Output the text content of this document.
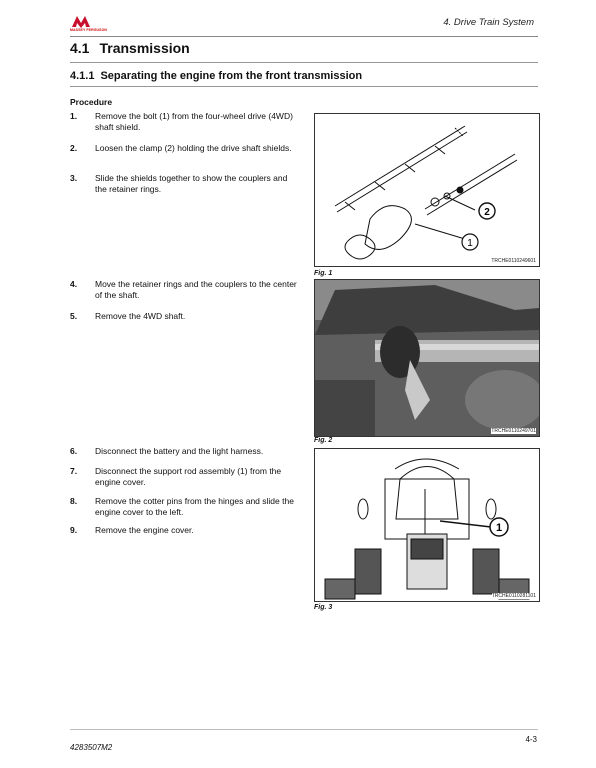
MASSEY FERGUSON
4. Drive Train System
4.1 Transmission
4.1.1 Separating the engine from the front transmission
Procedure
1. Remove the bolt (1) from the four-wheel drive (4WD) shaft shield.
2. Loosen the clamp (2) holding the drive shaft shields.
3. Slide the shields together to show the couplers and the retainer rings.
4. Move the retainer rings and the couplers to the center of the shaft.
5. Remove the 4WD shaft.
6. Disconnect the battery and the light harness.
7. Disconnect the support rod assembly (1) from the engine cover.
8. Remove the cotter pins from the hinges and slide the engine cover to the left.
9. Remove the engine cover.
2
1
TRCHE0110249601
Fig. 1
TRCHE0110249701
Fig. 2
1
TRCHE0110281101
Fig. 3
4-3
4283507M2
